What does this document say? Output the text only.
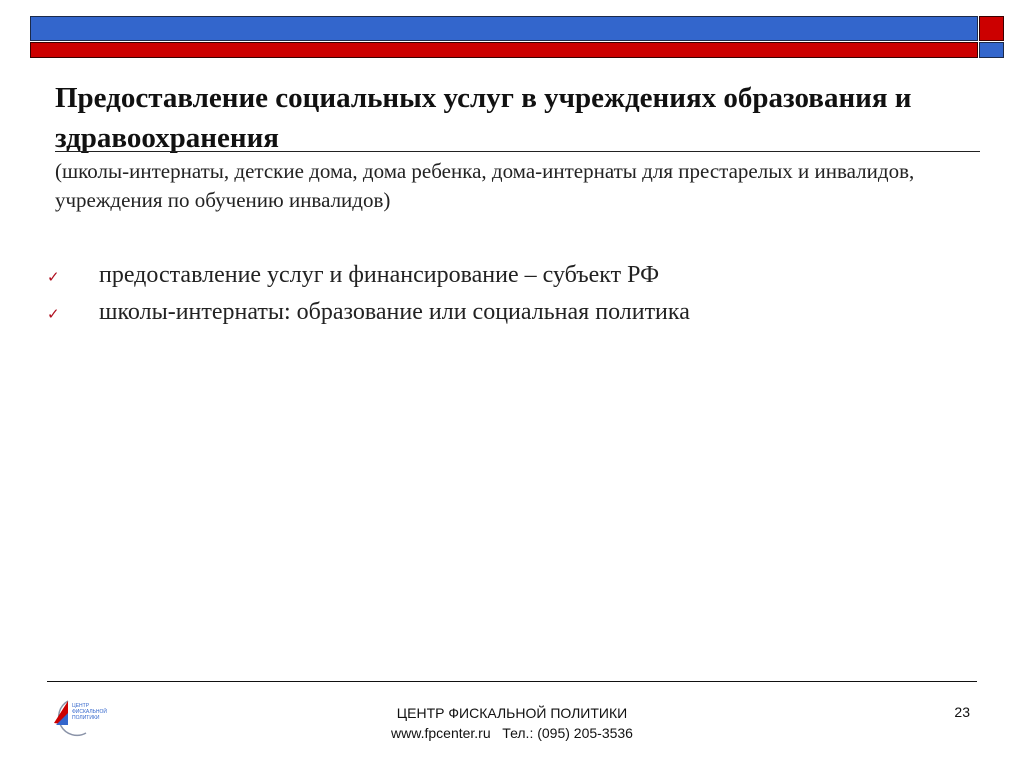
Предоставление социальных услуг в учреждениях образования и здравоохранения
(школы-интернаты, детские дома, дома ребенка, дома-интернаты для престарелых и инвалидов, учреждения по обучению инвалидов)
✓	предоставление услуг и финансирование – субъект РФ
✓	школы-интернаты: образование или социальная политика
ЦЕНТР
ФИСКАЛЬНОЙ
ПОЛИТИКИ	ЦЕНТР ФИСКАЛЬНОЙ ПОЛИТИКИ
www.fpcenter.ru   Тел.: (095) 205-3536
23
